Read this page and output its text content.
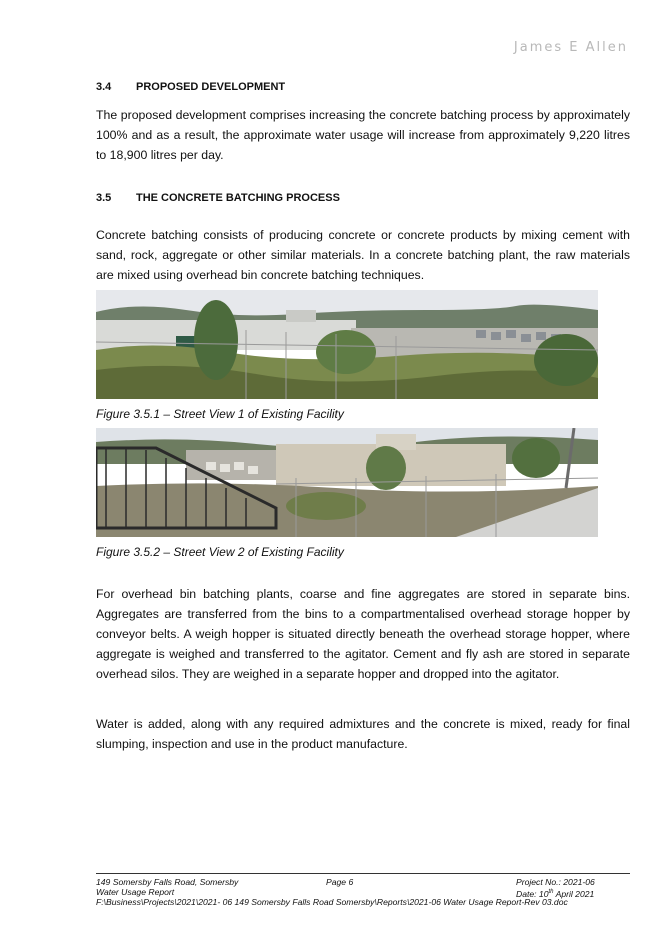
James E Allen
3.4 PROPOSED DEVELOPMENT

The proposed development comprises increasing the concrete batching process by approximately 100% and as a result, the approximate water usage will increase from approximately 9,220 litres to 18,900 litres per day.

3.5 THE CONCRETE BATCHING PROCESS

Concrete batching consists of producing concrete or concrete products by mixing cement with sand, rock, aggregate or other similar materials. In a concrete batching plant, the raw materials are mixed using overhead bin concrete batching techniques.

Figure 3.5.1 – Street View 1 of Existing Facility
Figure 3.5.2 – Street View 2 of Existing Facility

For overhead bin batching plants, coarse and fine aggregates are stored in separate bins. Aggregates are transferred from the bins to a compartmentalised overhead storage hopper by conveyor belts. A weigh hopper is situated directly beneath the overhead storage hopper, where aggregate is weighed and transferred to the agitator. Cement and fly ash are stored in separate overhead silos. They are weighed in a separate hopper and dropped into the agitator.

Water is added, along with any required admixtures and the concrete is mixed, ready for final slumping, inspection and use in the product manufacture.

149 Somersby Falls Road, Somersby	Page 6	Project No.: 2021-06
Water Usage Report	Date: 10th April 2021
F:\Business\Projects\2021\2021- 06 149 Somersby Falls Road Somersby\Reports\2021-06 Water Usage Report-Rev 03.doc
